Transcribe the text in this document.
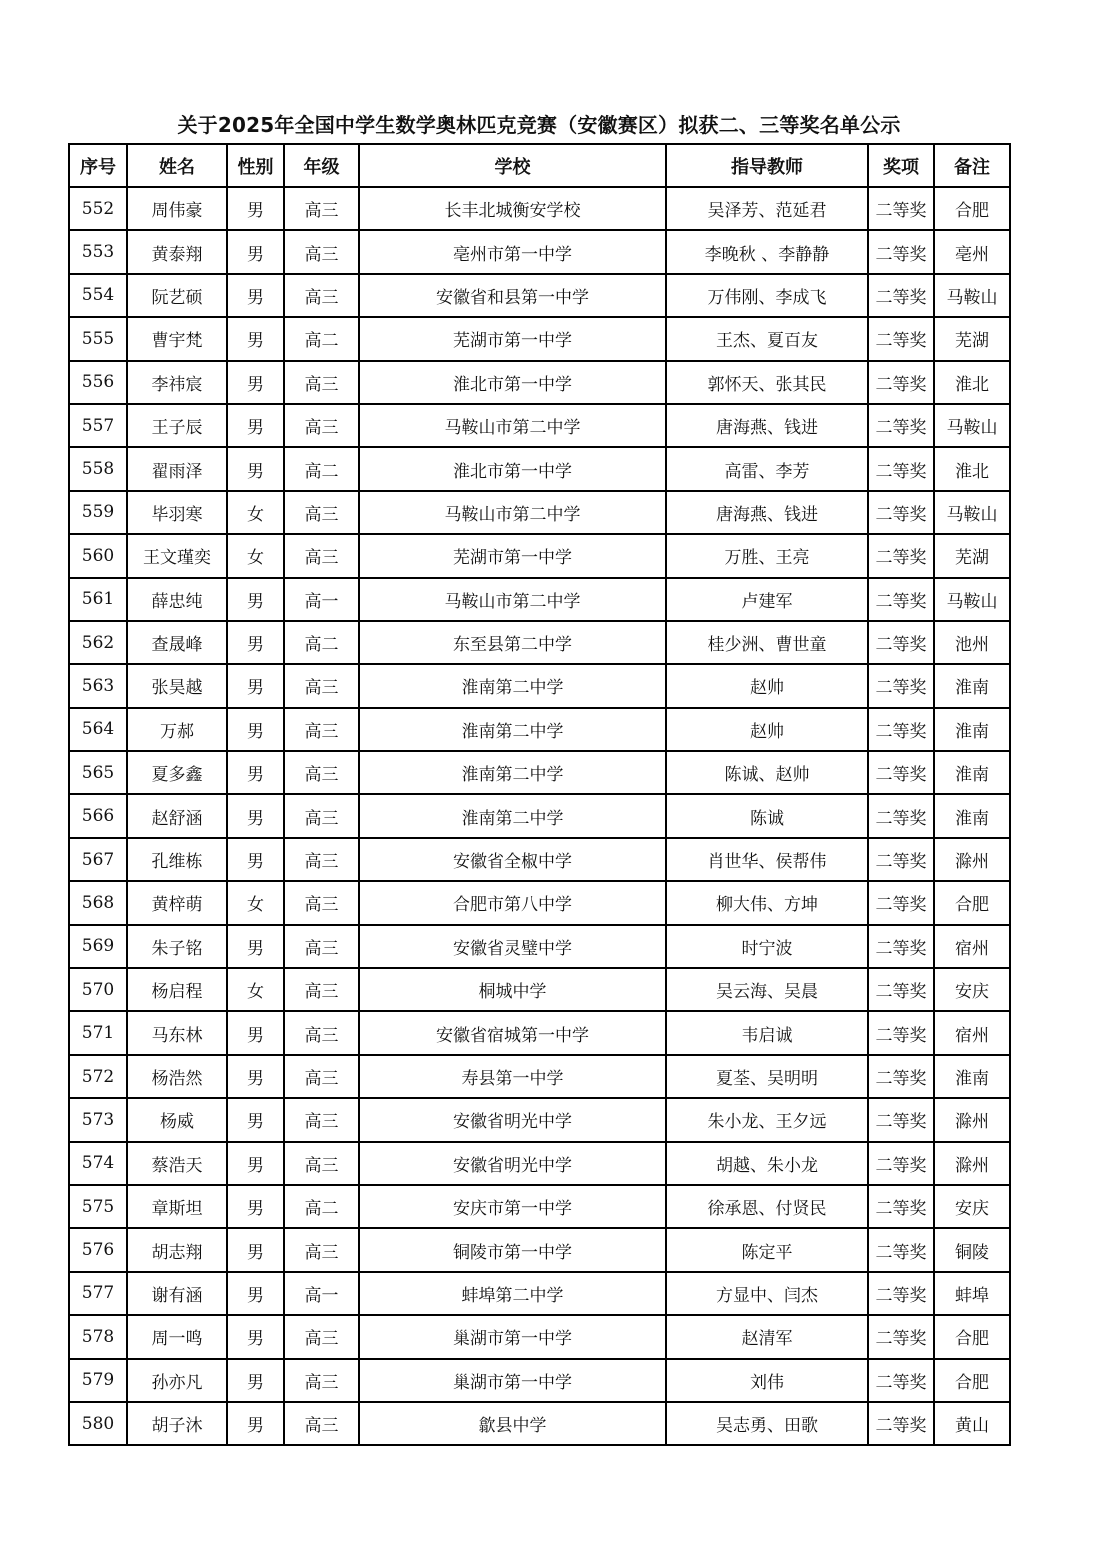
关于2025年全国中学生数学奥林匹克竞赛（安徽赛区）拟获二、三等奖名单公示
序号	姓名	性别	年级	学校	指导教师	奖项	备注
552	周伟豪	男	高三	长丰北城衡安学校	吴泽芳、范延君	二等奖	合肥
553	黄泰翔	男	高三	亳州市第一中学	李晚秋 、李静静	二等奖	亳州
554	阮艺硕	男	高三	安徽省和县第一中学	万伟刚、李成飞	二等奖	马鞍山
555	曹宇梵	男	高二	芜湖市第一中学	王杰、夏百友	二等奖	芜湖
556	李祎宸	男	高三	淮北市第一中学	郭怀天、张其民	二等奖	淮北
557	王子辰	男	高三	马鞍山市第二中学	唐海燕、钱进	二等奖	马鞍山
558	翟雨泽	男	高二	淮北市第一中学	高雷、李芳	二等奖	淮北
559	毕羽寒	女	高三	马鞍山市第二中学	唐海燕、钱进	二等奖	马鞍山
560	王文瑾奕	女	高三	芜湖市第一中学	万胜、王亮	二等奖	芜湖
561	薛忠纯	男	高一	马鞍山市第二中学	卢建军	二等奖	马鞍山
562	查晟峰	男	高二	东至县第二中学	桂少洲、曹世童	二等奖	池州
563	张昊越	男	高三	淮南第二中学	赵帅	二等奖	淮南
564	万郝	男	高三	淮南第二中学	赵帅	二等奖	淮南
565	夏多鑫	男	高三	淮南第二中学	陈诚、赵帅	二等奖	淮南
566	赵舒涵	男	高三	淮南第二中学	陈诚	二等奖	淮南
567	孔维栋	男	高三	安徽省全椒中学	肖世华、侯帮伟	二等奖	滁州
568	黄梓萌	女	高三	合肥市第八中学	柳大伟、方坤	二等奖	合肥
569	朱子铭	男	高三	安徽省灵璧中学	时宁波	二等奖	宿州
570	杨启程	女	高三	桐城中学	吴云海、吴晨	二等奖	安庆
571	马东林	男	高三	安徽省宿城第一中学	韦启诚	二等奖	宿州
572	杨浩然	男	高三	寿县第一中学	夏荃、吴明明	二等奖	淮南
573	杨威	男	高三	安徽省明光中学	朱小龙、王夕远	二等奖	滁州
574	蔡浩天	男	高三	安徽省明光中学	胡越、朱小龙	二等奖	滁州
575	章斯坦	男	高二	安庆市第一中学	徐承恩、付贤民	二等奖	安庆
576	胡志翔	男	高三	铜陵市第一中学	陈定平	二等奖	铜陵
577	谢有涵	男	高一	蚌埠第二中学	方显中、闫杰	二等奖	蚌埠
578	周一鸣	男	高三	巢湖市第一中学	赵清军	二等奖	合肥
579	孙亦凡	男	高三	巢湖市第一中学	刘伟	二等奖	合肥
580	胡子沐	男	高三	歙县中学	吴志勇、田歌	二等奖	黄山
